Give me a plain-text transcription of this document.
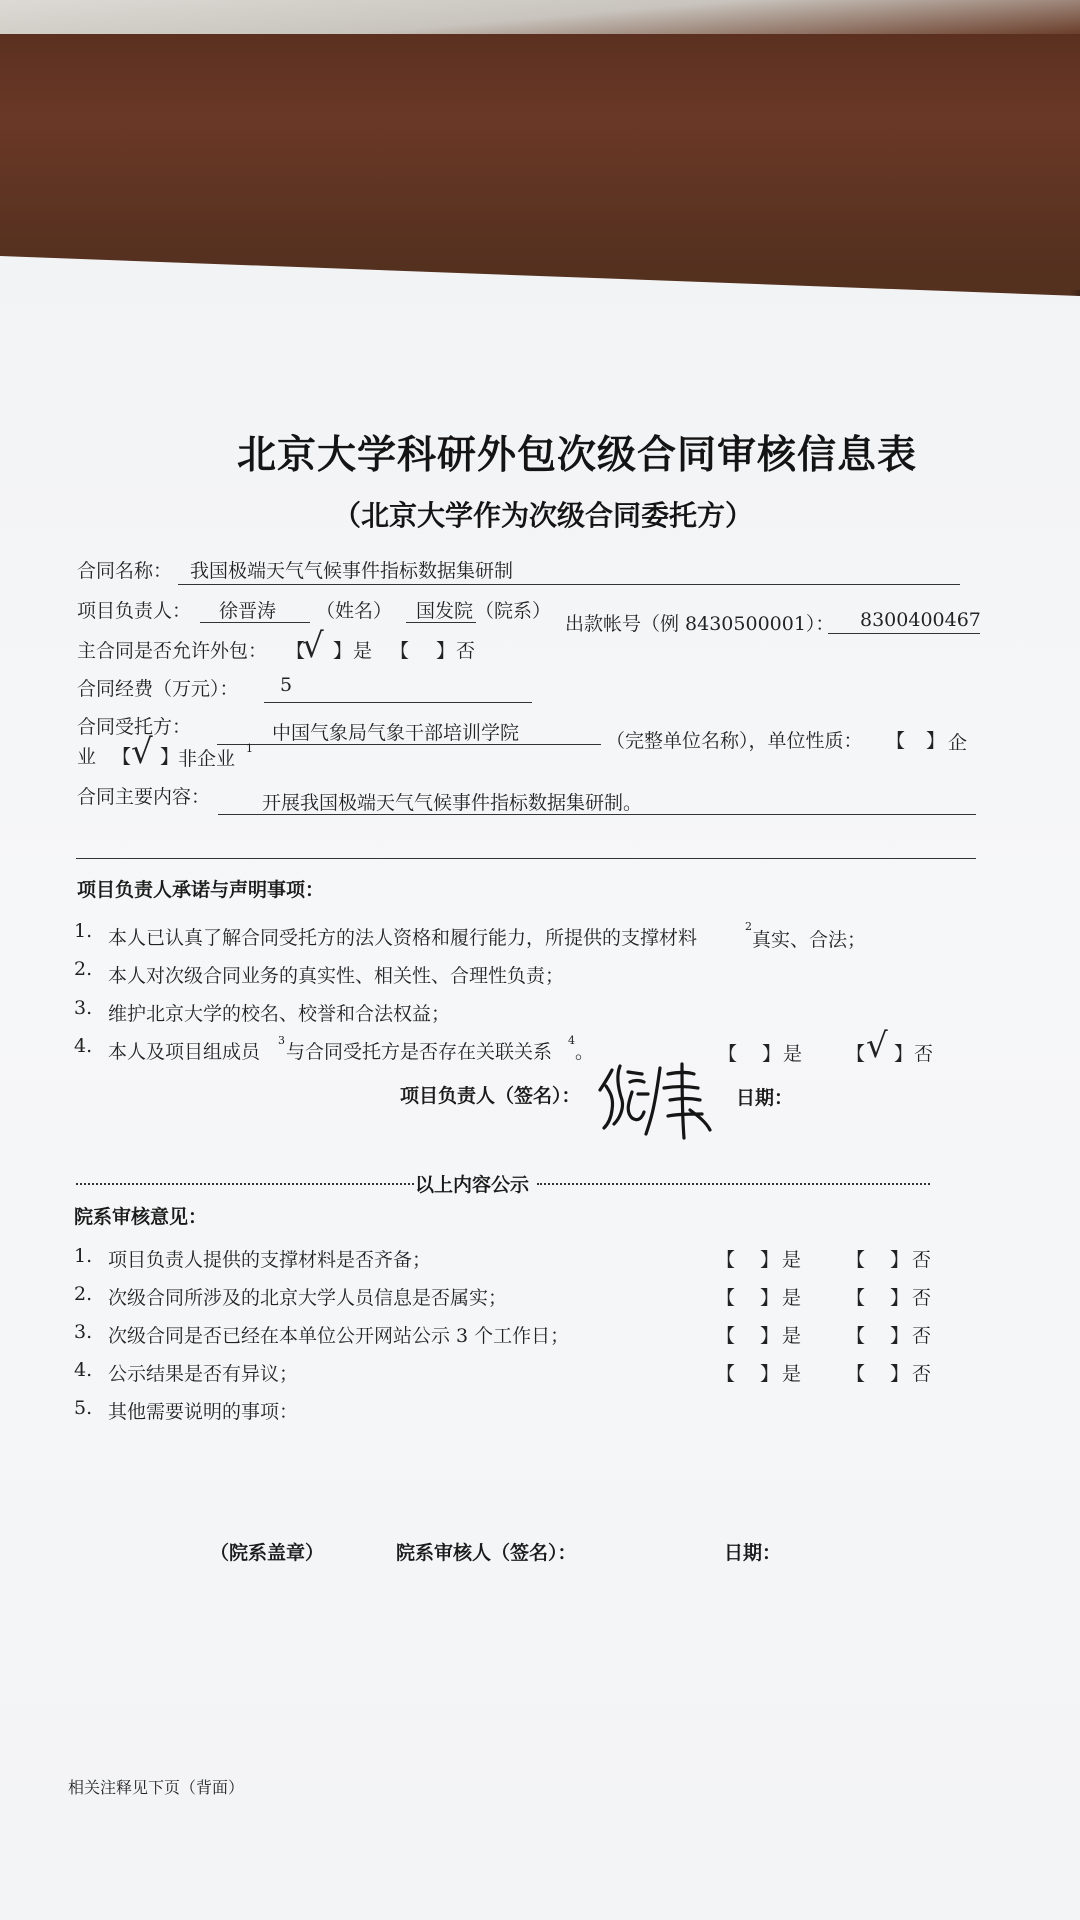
北京大学科研外包次级合同审核信息表
（北京大学作为次级合同委托方）
合同名称： 我国极端天气气候事件指标数据集研制
项目负责人： 徐晋涛 （姓名） 国发院 （院系）
出款帐号（例 8430500001）： 8300400467
主合同是否允许外包： 【
√ 】 是 【 】 否
合同经费（万元）： 5
合同受托方：	中国气象局气象干部培训学院	（完整单位名称），单位性质： 【 】 企
业 【 √ 】
非企业 1
合同主要内容：	开展我国极端天气气候事件指标数据集研制。
项目负责人承诺与声明事项：
1. 本人已认真了解合同受托方的法人资格和履行能力，所提供的支撑材料
2
真实、合法；
2. 本人对次级合同业务的真实性、相关性、合理性负责；
3. 维护北京大学的校名、校誉和合法权益；
4. 本人及项目组成员
3
与合同受托方是否存在关联关系
4
。	【 】 是 【 √ 】 否
项目负责人（签名）：	日期：
以上内容公示
院系审核意见：
1. 项目负责人提供的支撑材料是否齐备；	【 】 是 【 】 否
2. 次级合同所涉及的北京大学人员信息是否属实；	【 】 是 【 】 否
3. 次级合同是否已经在本单位公开网站公示 3 个工作日；	【 】 是 【 】 否
4. 公示结果是否有异议；	【 】 是 【 】 否
5. 其他需要说明的事项：
（院系盖章）	院系审核人（签名）：	日期：
相关注释见下页（背面）
